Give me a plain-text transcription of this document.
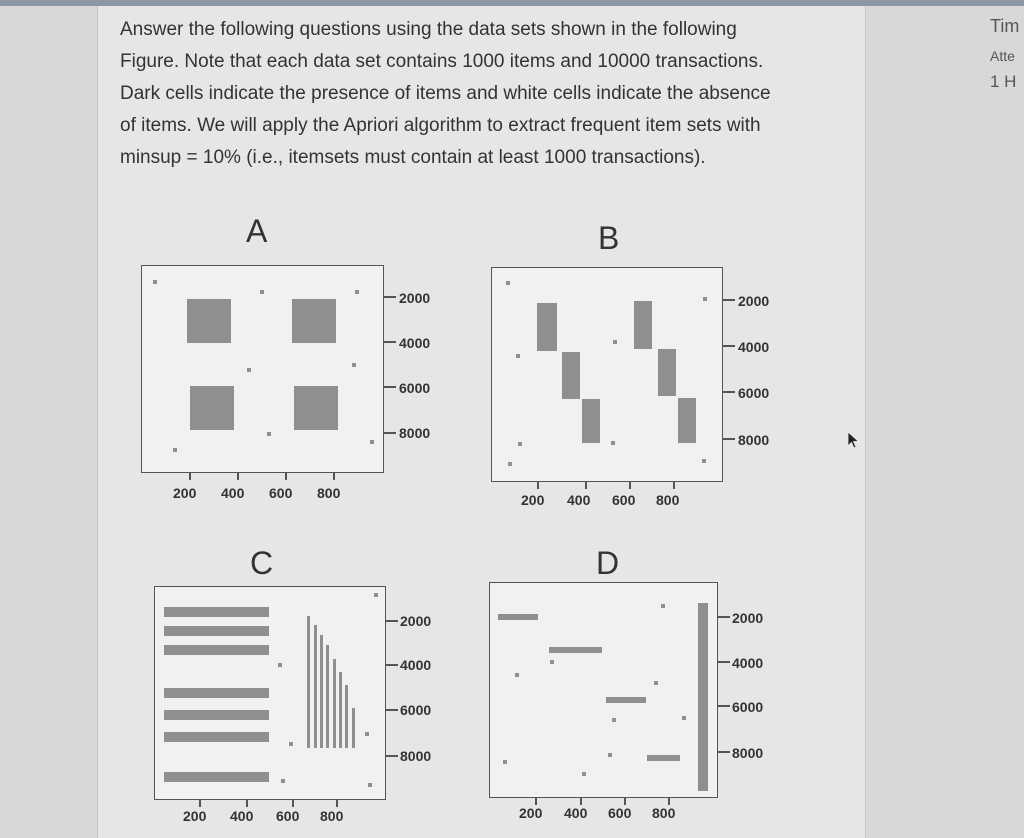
Answer the following questions using the data sets shown in the following
Figure. Note that each data set contains 1000 items and 10000 transactions.
Dark cells indicate the presence of items and white cells indicate the absence
of items. We will apply the Apriori algorithm to extract frequent item sets with
minsup = 10% (i.e., itemsets must contain at least 1000 transactions).
A	B
C	D
2000
4000
6000
8000
200 400 600 800
2000
4000
6000
8000
200 400 600 800
2000
4000
6000
8000
200 400 600 800
2000
4000
6000
8000
200 400 600 800
Tim
Atte
1 H
